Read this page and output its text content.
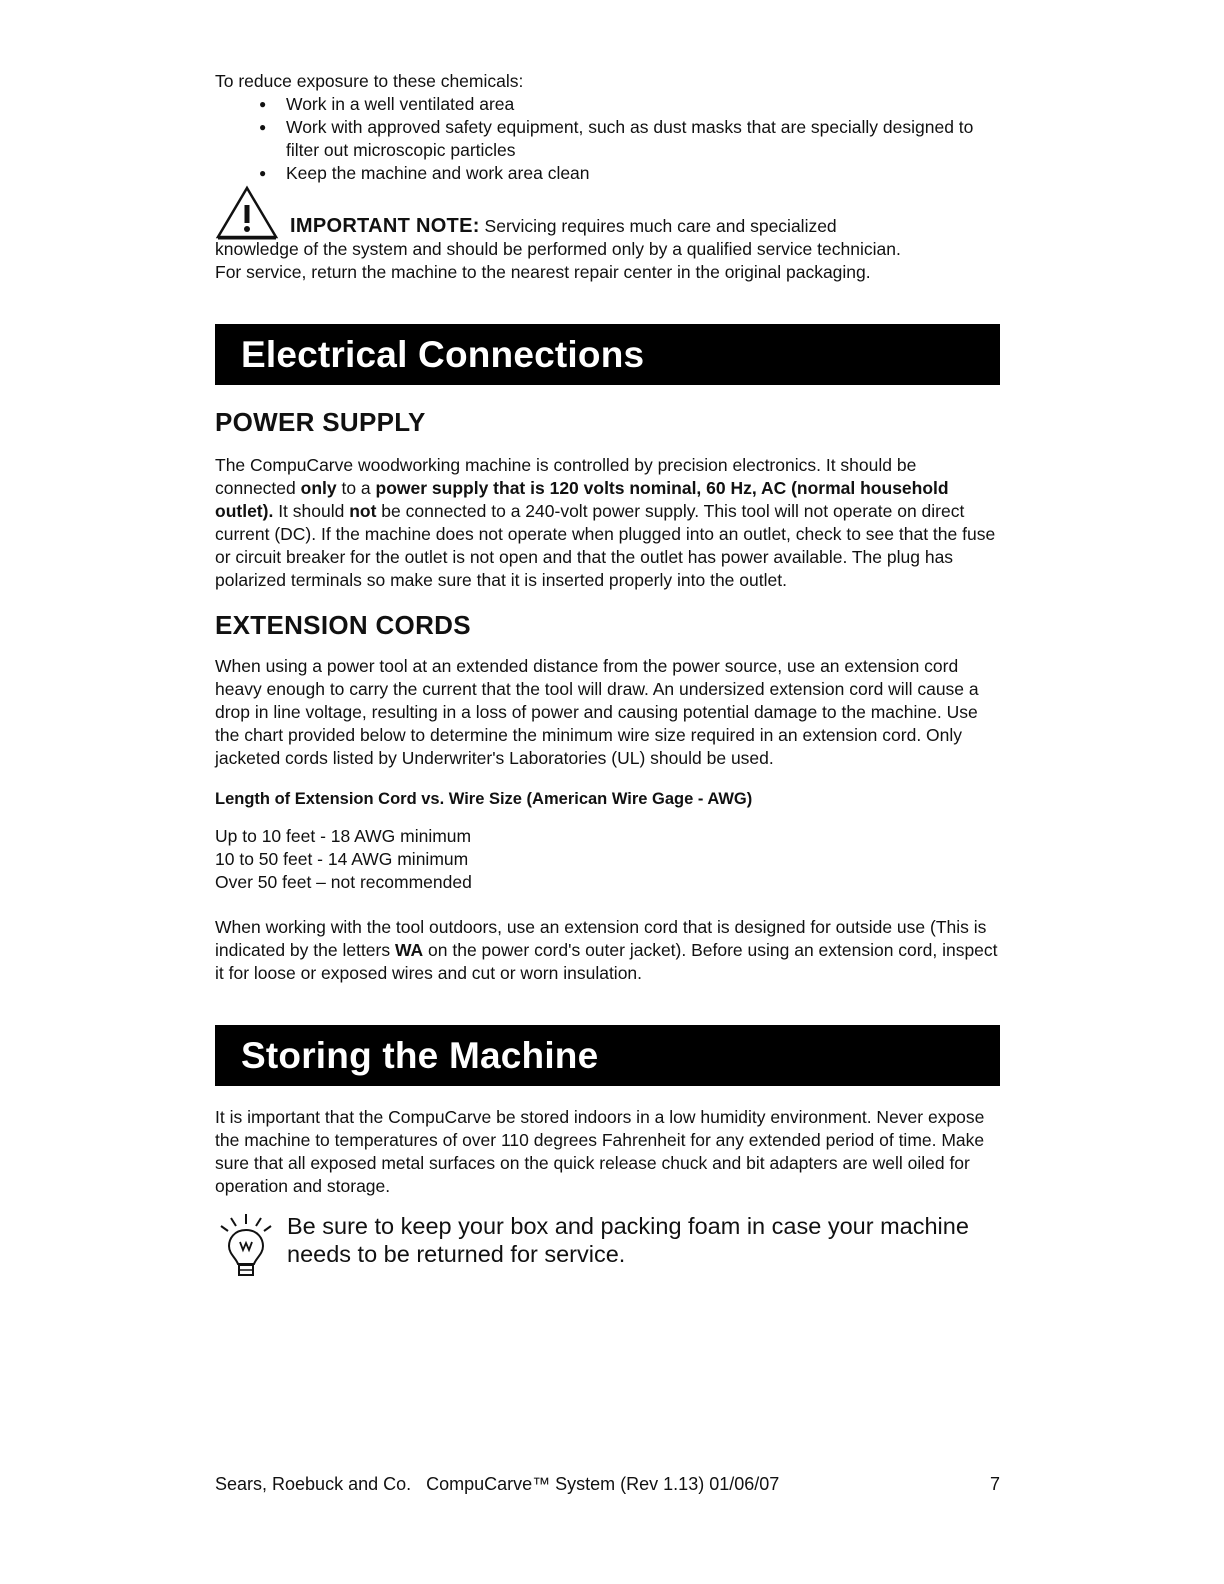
To reduce exposure to these chemicals:

● Work in a well ventilated area
● Work with approved safety equipment, such as dust masks that are specially designed to filter out microscopic particles
● Keep the machine and work area clean

IMPORTANT NOTE: Servicing requires much care and specialized

knowledge of the system and should be performed only by a qualified service technician.

For service, return the machine to the nearest repair center in the original packaging.

Electrical Connections
POWER SUPPLY

The CompuCarve woodworking machine is controlled by precision electronics. It should be connected only to a power supply that is 120 volts nominal, 60 Hz, AC (normal household outlet). It should not be connected to a 240-volt power supply. This tool will not operate on direct current (DC). If the machine does not operate when plugged into an outlet, check to see that the fuse or circuit breaker for the outlet is not open and that the outlet has power available. The plug has polarized terminals so make sure that it is inserted properly into the outlet.

EXTENSION CORDS

When using a power tool at an extended distance from the power source, use an extension cord heavy enough to carry the current that the tool will draw. An undersized extension cord will cause a drop in line voltage, resulting in a loss of power and causing potential damage to the machine. Use the chart provided below to determine the minimum wire size required in an extension cord. Only jacketed cords listed by Underwriter's Laboratories (UL) should be used.

Length of Extension Cord vs. Wire Size (American Wire Gage - AWG)

Up to 10 feet - 18 AWG minimum

10 to 50 feet - 14 AWG minimum

Over 50 feet – not recommended

When working with the tool outdoors, use an extension cord that is designed for outside use (This is indicated by the letters WA on the power cord's outer jacket). Before using an extension cord, inspect it for loose or exposed wires and cut or worn insulation.

Storing the Machine

It is important that the CompuCarve be stored indoors in a low humidity environment. Never expose the machine to temperatures of over 110 degrees Fahrenheit for any extended period of time. Make sure that all exposed metal surfaces on the quick release chuck and bit adapters are well oiled for operation and storage.

Be sure to keep your box and packing foam in case your machine needs to be returned for service.

Sears, Roebuck and Co.   CompuCarve™ System (Rev 1.13) 01/06/07	7
